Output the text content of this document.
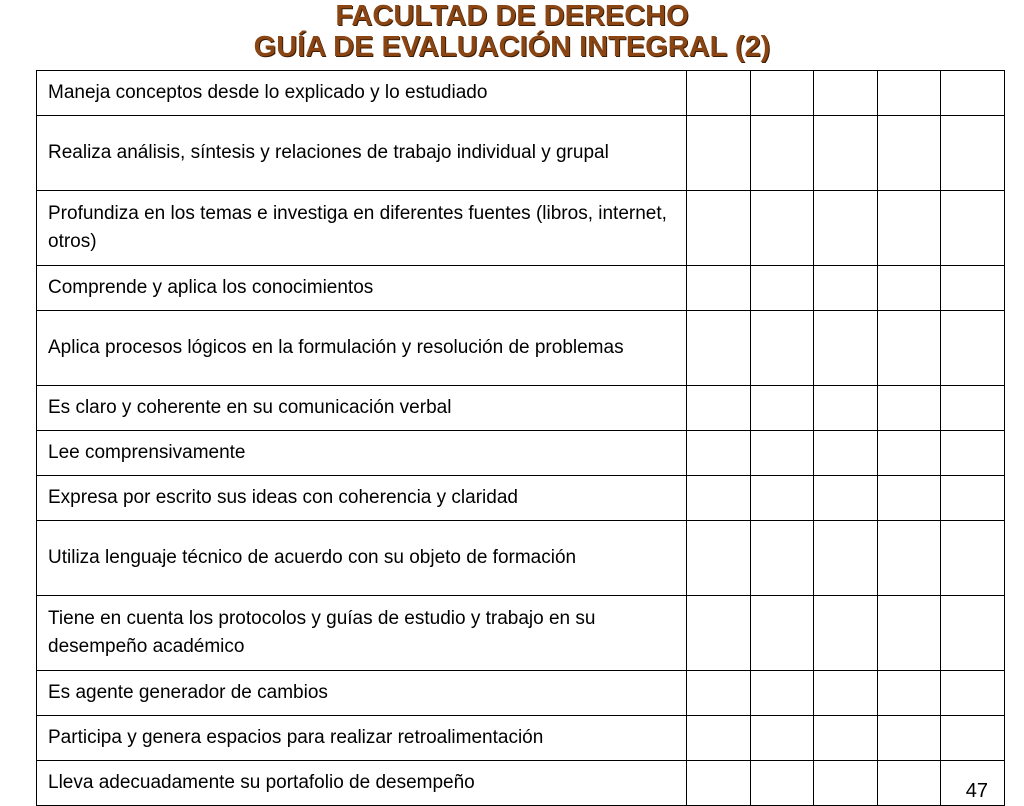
FACULTAD DE DERECHO
GUÍA DE EVALUACIÓN INTEGRAL (2)
Maneja conceptos desde lo explicado y lo estudiado					
Realiza análisis, síntesis y relaciones de trabajo individual y grupal					
Profundiza en los temas e investiga en diferentes fuentes (libros, internet, otros)					
Comprende y aplica los conocimientos					
Aplica procesos lógicos en la formulación y resolución de problemas					
Es claro y coherente en su comunicación verbal					
Lee comprensivamente					
Expresa por escrito sus ideas con coherencia y claridad					
Utiliza lenguaje técnico de acuerdo con su objeto de formación					
Tiene en cuenta los protocolos y guías de estudio y trabajo en su desempeño académico					
Es agente generador de cambios					
Participa y genera espacios para realizar retroalimentación					
Lleva adecuadamente su portafolio de desempeño					47
